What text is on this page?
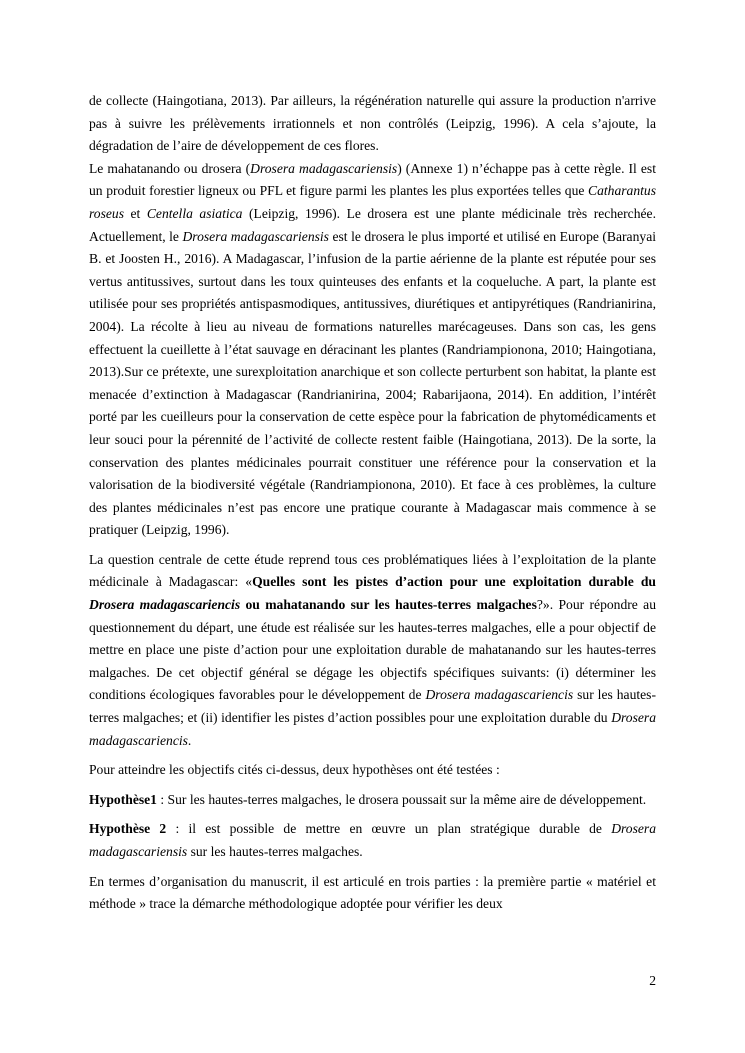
de collecte (Haingotiana, 2013). Par ailleurs, la régénération naturelle qui assure la production n'arrive pas à suivre les prélèvements irrationnels et non contrôlés (Leipzig, 1996). A cela s’ajoute, la dégradation de l’aire de développement de ces flores.

Le mahatanando ou drosera (Drosera madagascariensis) (Annexe 1) n’échappe pas à cette règle. Il est un produit forestier ligneux ou PFL et figure parmi les plantes les plus exportées telles que Catharantus roseus et Centella asiatica (Leipzig, 1996). Le drosera est une plante médicinale très recherchée. Actuellement, le Drosera madagascariensis est le drosera le plus importé et utilisé en Europe (Baranyai B. et Joosten H., 2016). A Madagascar, l’infusion de la partie aérienne de la plante est réputée pour ses vertus antitussives, surtout dans les toux quinteuses des enfants et la coqueluche. A part, la plante est utilisée pour ses propriétés antispasmodiques, antitussives, diurétiques et antipyrétiques (Randrianirina, 2004). La récolte à lieu au niveau de formations naturelles marécageuses. Dans son cas, les gens effectuent la cueillette à l’état sauvage en déracinant les plantes (Randriampiononа, 2010; Haingotiana, 2013).Sur ce prétexte, une surexploitation anarchique et son collecte perturbent son habitat, la plante est menacée d’extinction à Madagascar (Randrianirina, 2004; Rabarijaona, 2014). En addition, l’intérêt porté par les cueilleurs pour la conservation de cette espèce pour la fabrication de phytomédicaments et leur souci pour la pérennité de l’activité de collecte restent faible (Haingotiana, 2013). De la sorte, la conservation des plantes médicinales pourrait constituer une référence pour la conservation et la valorisation de la biodiversité végétale (Randriampiononа, 2010). Et face à ces problèmes, la culture des plantes médicinales n’est pas encore une pratique courante à Madagascar mais commence à se pratiquer (Leipzig, 1996).

La question centrale de cette étude reprend tous ces problématiques liées à l’exploitation de la plante médicinale à Madagascar: «Quelles sont les pistes d’action pour une exploitation durable du Drosera madagascariencis ou mahatanando sur les hautes-terres malgaches?». Pour répondre au questionnement du départ, une étude est réalisée sur les hautes-terres malgaches, elle a pour objectif de mettre en place une piste d’action pour une exploitation durable de mahatanando sur les hautes-terres malgaches. De cet objectif général se dégage les objectifs spécifiques suivants: (i) déterminer les conditions écologiques favorables pour le développement de Drosera madagascariencis sur les hautes-terres malgaches; et (ii) identifier les pistes d’action possibles pour une exploitation durable du Drosera madagascariencis.

Pour atteindre les objectifs cités ci-dessus, deux hypothèses ont été testées :

Hypothèse1 : Sur les hautes-terres malgaches, le drosera poussait sur la même aire de développement.

Hypothèse 2 : il est possible de mettre en œuvre un plan stratégique durable de Drosera madagascariensis sur les hautes-terres malgaches.

En termes d’organisation du manuscrit, il est articulé en trois parties : la première partie « matériel et méthode » trace la démarche méthodologique adoptée pour vérifier les deux

2
